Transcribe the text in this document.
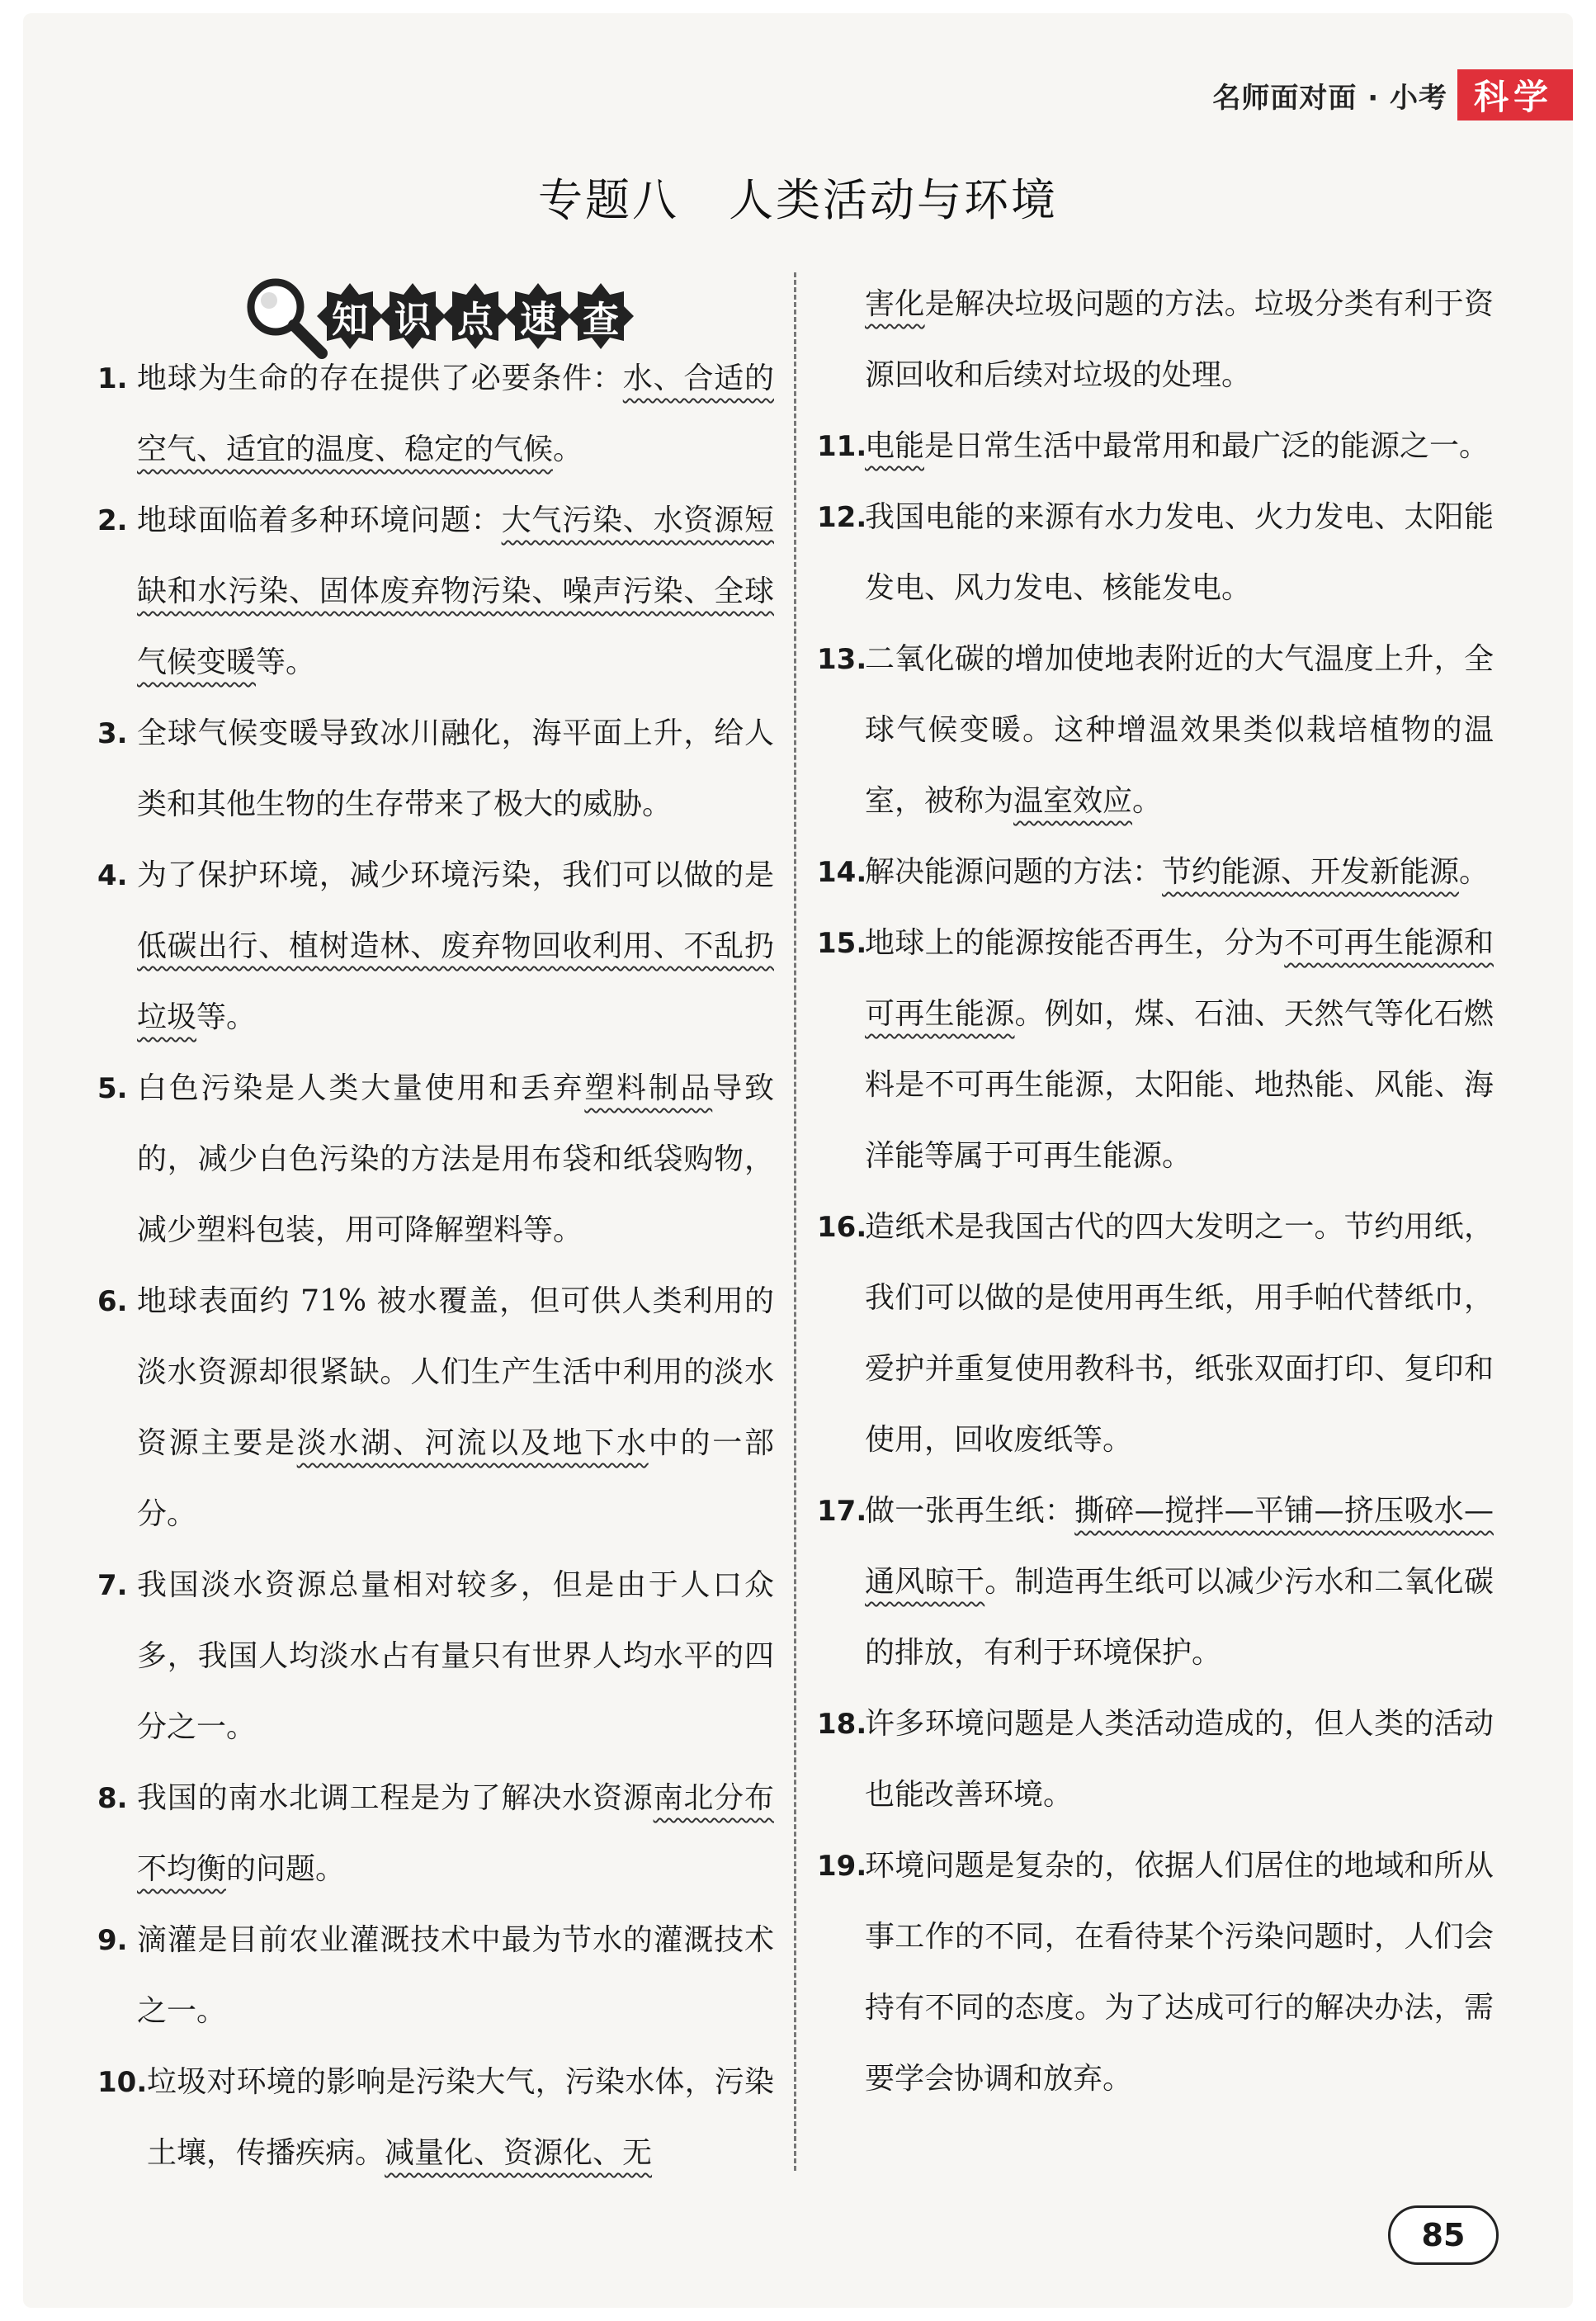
名师面对面 · 小考 科学
专题八 人类活动与环境
知 识 点 速 查
1. 地球为生命的存在提供了必要条件：水、合适的空气、适宜的温度、稳定的气候。
2. 地球面临着多种环境问题：大气污染、水资源短缺和水污染、固体废弃物污染、噪声污染、全球气候变暖等。
3. 全球气候变暖导致冰川融化，海平面上升，给人类和其他生物的生存带来了极大的威胁。
4. 为了保护环境，减少环境污染，我们可以做的是低碳出行、植树造林、废弃物回收利用、不乱扔垃圾等。
5. 白色污染是人类大量使用和丢弃塑料制品导致的，减少白色污染的方法是用布袋和纸袋购物，减少塑料包装，用可降解塑料等。
6. 地球表面约 71% 被水覆盖，但可供人类利用的淡水资源却很紧缺。人们生产生活中利用的淡水资源主要是淡水湖、河流以及地下水中的一部分。
7. 我国淡水资源总量相对较多，但是由于人口众多，我国人均淡水占有量只有世界人均水平的四分之一。
8. 我国的南水北调工程是为了解决水资源南北分布不均衡的问题。
9. 滴灌是目前农业灌溉技术中最为节水的灌溉技术之一。
10. 垃圾对环境的影响是污染大气，污染水体，污染土壤，传播疾病。减量化、资源化、无
害化是解决垃圾问题的方法。垃圾分类有利于资源回收和后续对垃圾的处理。
11.
电能是日常生活中最常用和最广泛的能源之一。
12.
我国电能的来源有水力发电、火力发电、太阳能发电、风力发电、核能发电。
13.
二氧化碳的增加使地表附近的大气温度上升，全球气候变暖。这种增温效果类似栽培植物的温室，被称为温室效应。
14.
解决能源问题的方法：节约能源、开发新能源。
15.
地球上的能源按能否再生，分为不可再生能源和可再生能源。例如，煤、石油、天然气等化石燃料是不可再生能源，太阳能、地热能、风能、海洋能等属于可再生能源。
16.
造纸术是我国古代的四大发明之一。节约用纸，我们可以做的是使用再生纸，用手帕代替纸巾，爱护并重复使用教科书，纸张双面打印、复印和使用，回收废纸等。
17.
做一张再生纸：撕碎—搅拌—平铺—挤压吸水—通风晾干。制造再生纸可以减少污水和二氧化碳的排放，有利于环境保护。
18.
许多环境问题是人类活动造成的，但人类的活动也能改善环境。
19.
环境问题是复杂的，依据人们居住的地域和所从事工作的不同，在看待某个污染问题时，人们会持有不同的态度。为了达成可行的解决办法，需要学会协调和放弃。
85
